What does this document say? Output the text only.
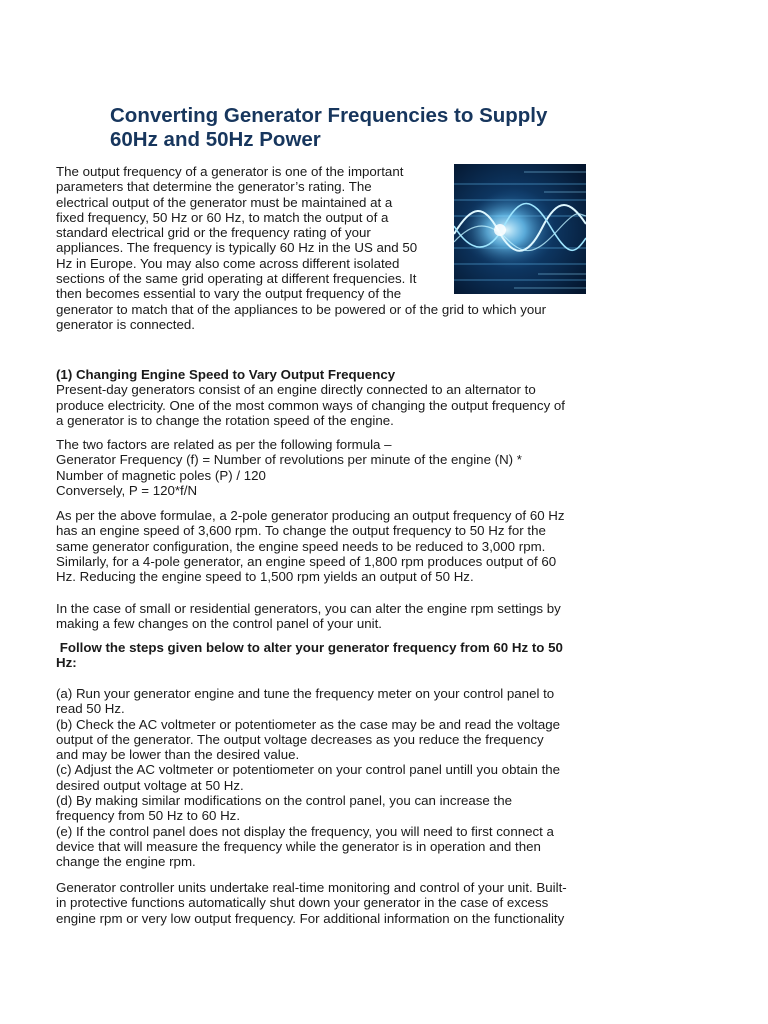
Converting Generator Frequencies to Supply
60Hz and 50Hz Power
The output frequency of a generator is one of the important
parameters that determine the generator’s rating. The
electrical output of the generator must be maintained at a
fixed frequency, 50 Hz or 60 Hz, to match the output of a
standard electrical grid or the frequency rating of your
appliances. The frequency is typically 60 Hz in the US and 50
Hz in Europe. You may also come across different isolated
sections of the same grid operating at different frequencies. It
then becomes essential to vary the output frequency of the
generator to match that of the appliances to be powered or of the grid to which your
generator is connected.
(1) Changing Engine Speed to Vary Output Frequency
Present-day generators consist of an engine directly connected to an alternator to
produce electricity. One of the most common ways of changing the output frequency of
a generator is to change the rotation speed of the engine.
The two factors are related as per the following formula –
Generator Frequency (f) = Number of revolutions per minute of the engine (N) *
Number of magnetic poles (P) / 120
Conversely, P = 120*f/N
As per the above formulae, a 2-pole generator producing an output frequency of 60 Hz
has an engine speed of 3,600 rpm. To change the output frequency to 50 Hz for the
same generator configuration, the engine speed needs to be reduced to 3,000 rpm.
Similarly, for a 4-pole generator, an engine speed of 1,800 rpm produces output of 60
Hz. Reducing the engine speed to 1,500 rpm yields an output of 50 Hz.
In the case of small or residential generators, you can alter the engine rpm settings by
making a few changes on the control panel of your unit.
Follow the steps given below to alter your generator frequency from 60 Hz to 50
Hz:
(a) Run your generator engine and tune the frequency meter on your control panel to
read 50 Hz.
(b) Check the AC voltmeter or potentiometer as the case may be and read the voltage
output of the generator. The output voltage decreases as you reduce the frequency
and may be lower than the desired value.
(c) Adjust the AC voltmeter or potentiometer on your control panel untill you obtain the
desired output voltage at 50 Hz.
(d) By making similar modifications on the control panel, you can increase the
frequency from 50 Hz to 60 Hz.
(e) If the control panel does not display the frequency, you will need to first connect a
device that will measure the frequency while the generator is in operation and then
change the engine rpm.
Generator controller units undertake real-time monitoring and control of your unit. Built-
in protective functions automatically shut down your generator in the case of excess
engine rpm or very low output frequency. For additional information on the functionality
